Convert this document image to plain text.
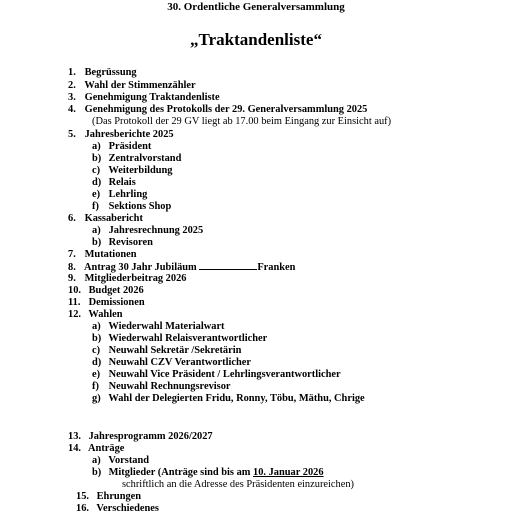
30. Ordentliche Generalversammlung
„Traktandenliste“
1. Begrüssung
2. Wahl der Stimmenzähler
3. Genehmigung Traktandenliste
4. Genehmigung des Protokolls der 29. Generalversammlung 2025
(Das Protokoll der 29 GV liegt ab 17.00 beim Eingang zur Einsicht auf)
5. Jahresberichte 2025
a) Präsident
b) Zentralvorstand
c) Weiterbildung
d) Relais
e) Lehrling
f) Sektions Shop
6. Kassabericht
a) Jahresrechnung 2025
b) Revisoren
7. Mutationen
8. Antrag 30 Jahr Jubiläum	Franken
9. Mitgliederbeitrag 2026
10. Budget 2026
11. Demissionen
12. Wahlen
a) Wiederwahl Materialwart
b) Wiederwahl Relaisverantwortlicher
c) Neuwahl Sekretär /Sekretärin
d) Neuwahl CZV Verantwortlicher
e) Neuwahl Vice Präsident / Lehrlingsverantwortlicher
f) Neuwahl Rechnungsrevisor
g) Wahl der Delegierten Fridu, Ronny, Töbu, Mäthu, Chrige
13. Jahresprogramm 2026/2027
14. Anträge
a) Vorstand
b) Mitglieder (Anträge sind bis am 10. Januar 2026
schriftlich an die Adresse des Präsidenten einzureichen)
15. Ehrungen
16. Verschiedenes
